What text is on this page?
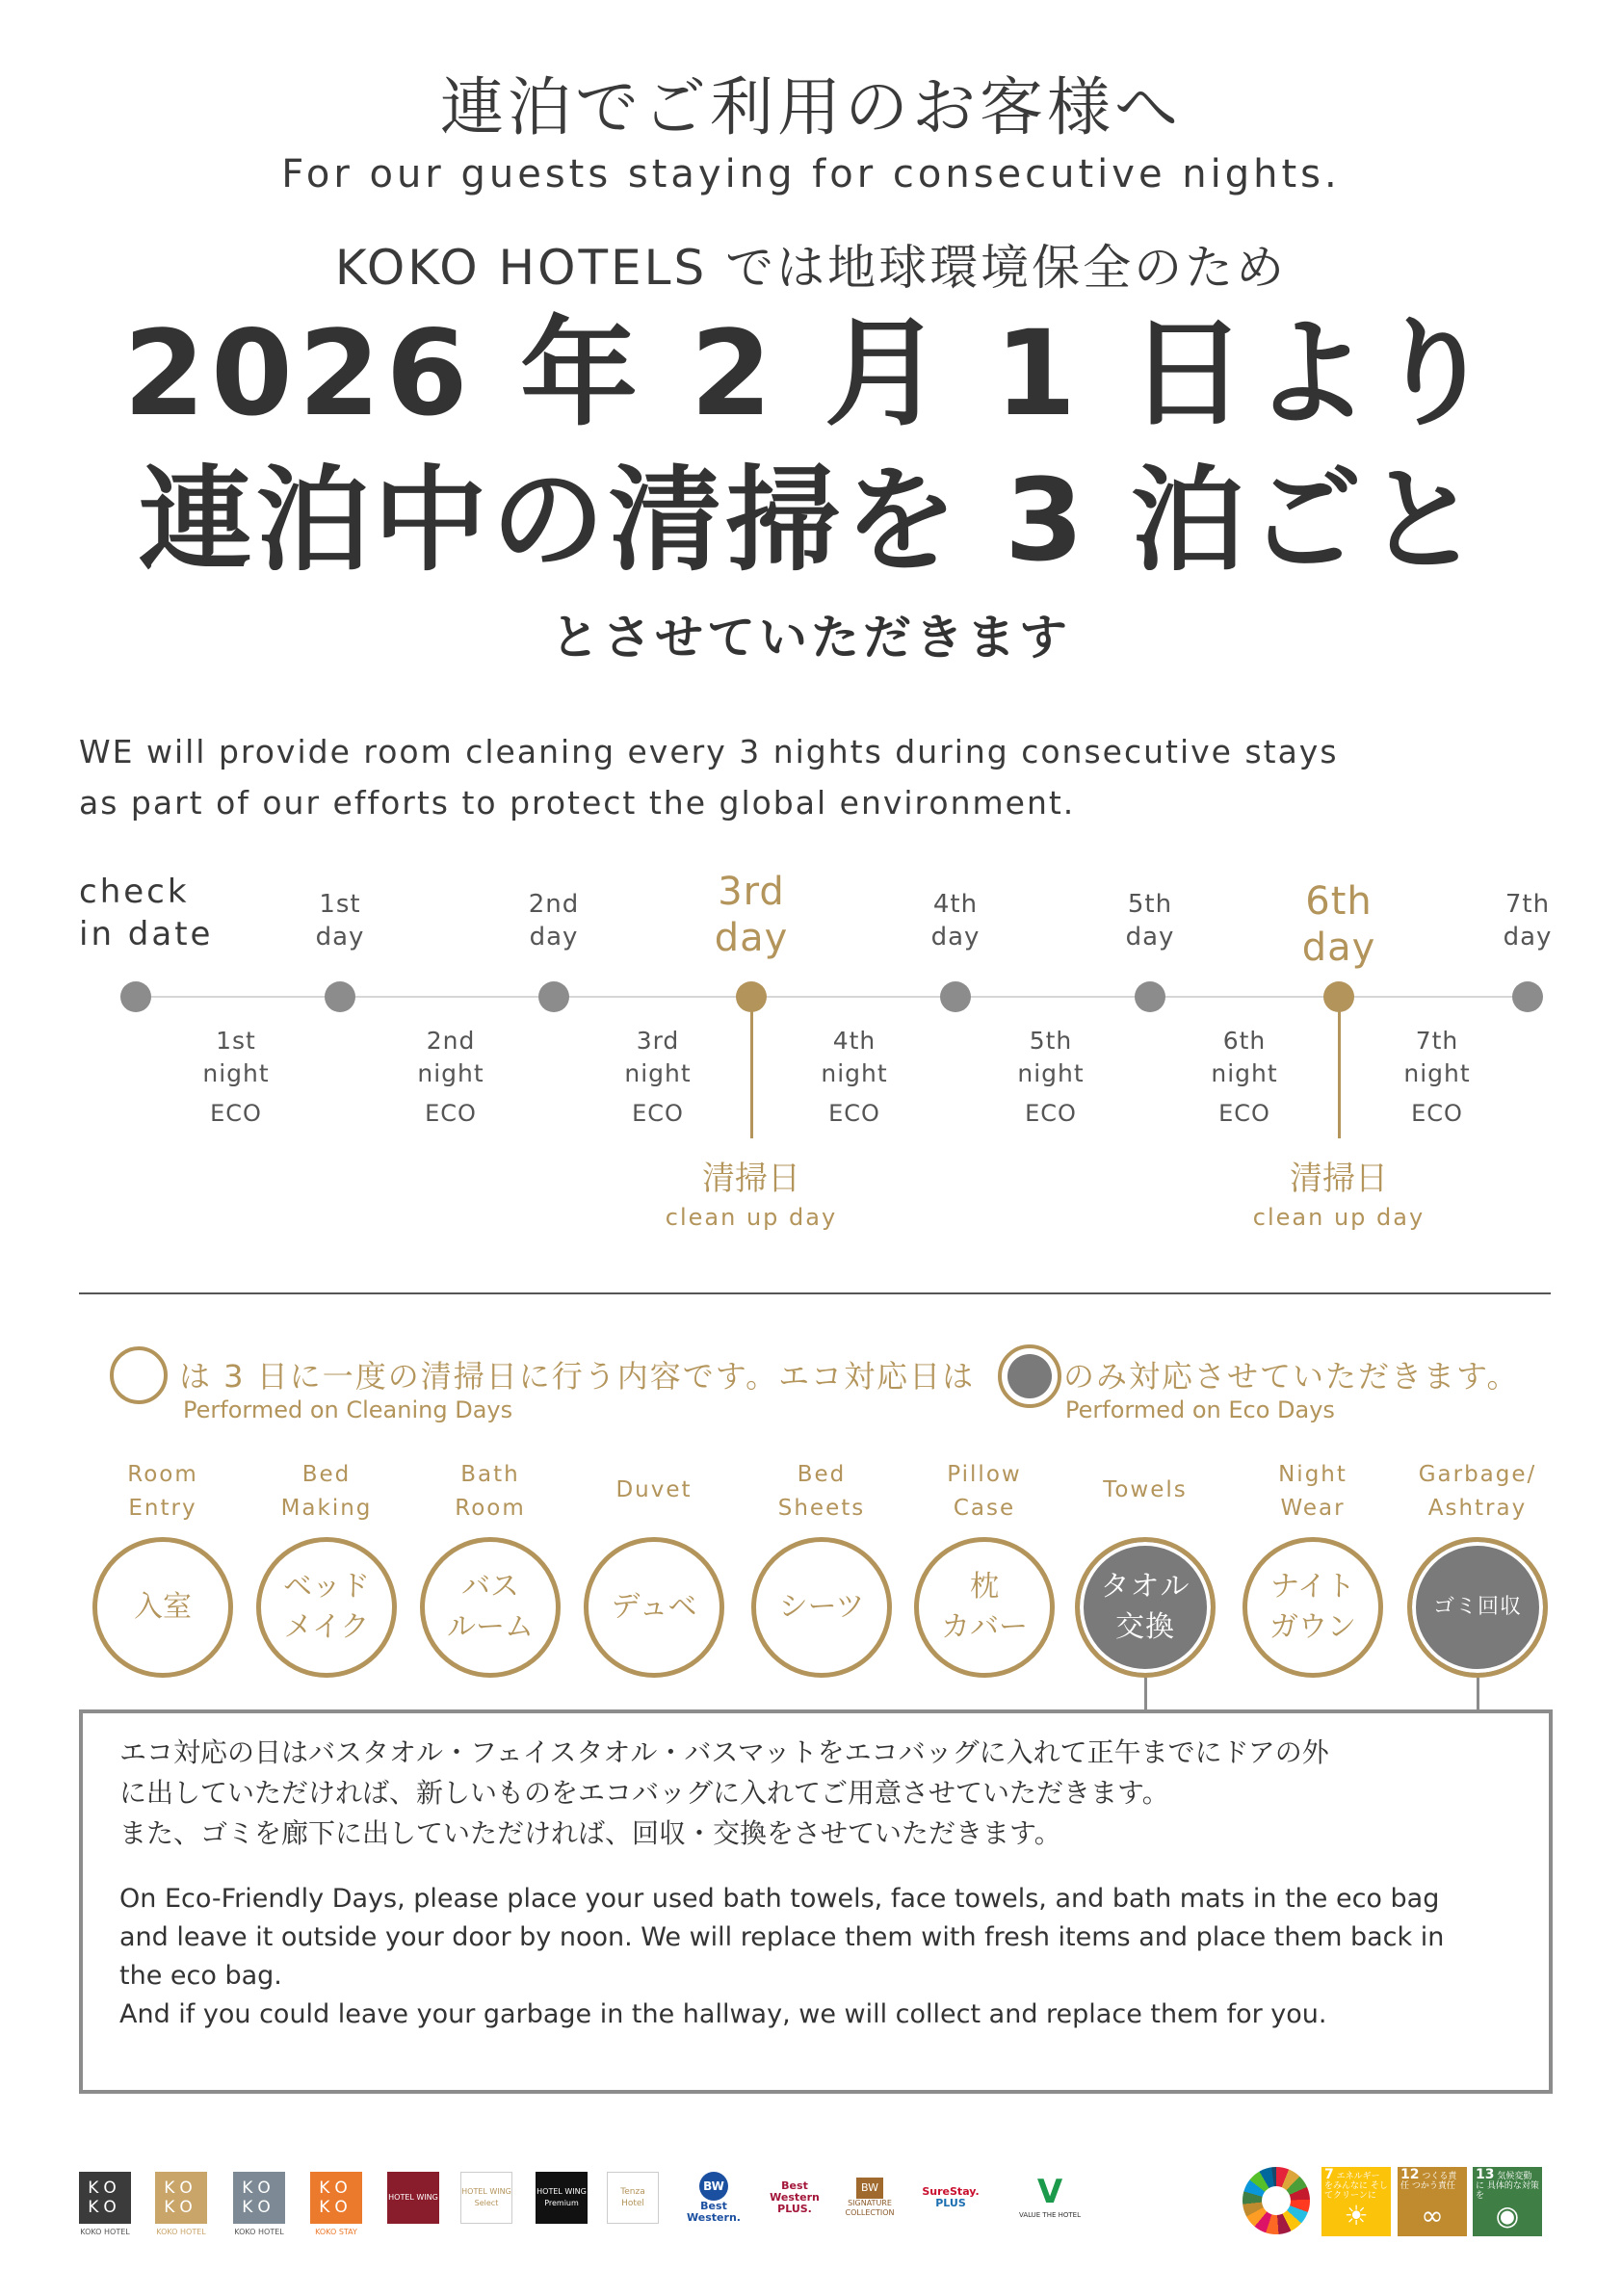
連泊でご利用のお客様へ
For our guests staying for consecutive nights.
KOKO HOTELS では地球環境保全のため
2026 年 2 月 1 日より
連泊中の清掃を 3 泊ごと
とさせていただきます
WE will provide room cleaning every 3 nights during consecutive stays
as part of our efforts to protect the global environment.
check
in date
1st
day
2nd
day
3rd
day
4th
day
5th
day
6th
day
7th
day
1st
night
ECO
2nd
night
ECO
3rd
night
ECO
4th
night
ECO
5th
night
ECO
6th
night
ECO
7th
night
ECO
清掃日
clean up day
清掃日
clean up day
は 3 日に一度の清掃日に行う内容です。エコ対応日は	のみ対応させていただきます。
Performed on Cleaning Days	Performed on Eco Days
Room
Entry
入室
Bed
Making
ベッド
メイク
Bath
Room
バス
ルーム
Duvet
デュベ
Bed
Sheets
シーツ
Pillow
Case
枕
カバー
Towels
タオル
交換
Night
Wear
ナイト
ガウン
Garbage/
Ashtray
ゴミ回収
エコ対応の日はバスタオル・フェイスタオル・バスマットをエコバッグに入れて正午までにドアの外
に出していただければ、新しいものをエコバッグに入れてご用意させていただきます。
また、ゴミを廊下に出していただければ、回収・交換をさせていただきます。
On Eco-Friendly Days, please place your used bath towels, face towels, and bath mats in the eco bag
and leave it outside your door by noon. We will replace them with fresh items and place them back in
the eco bag.
And if you could leave your garbage in the hallway, we will collect and replace them for you.
KO KO
KOKO HOTEL
KO KO
KOKO HOTEL
KO KO
KOKO HOTEL
KO KO
KOKO STAY
HOTEL WING
HOTEL WING Select
HOTEL WING Premium
Tenza Hotel
BW
Best
Western.
Best
Western
PLUS.
BW
SIGNATURE
COLLECTION
SureStay.
PLUS V
VALUE THE HOTEL
7 エネルギーをみんなに そしてクリーンに
☀
12 つくる責任 つかう責任
∞
13 気候変動に 具体的な対策を
◉
